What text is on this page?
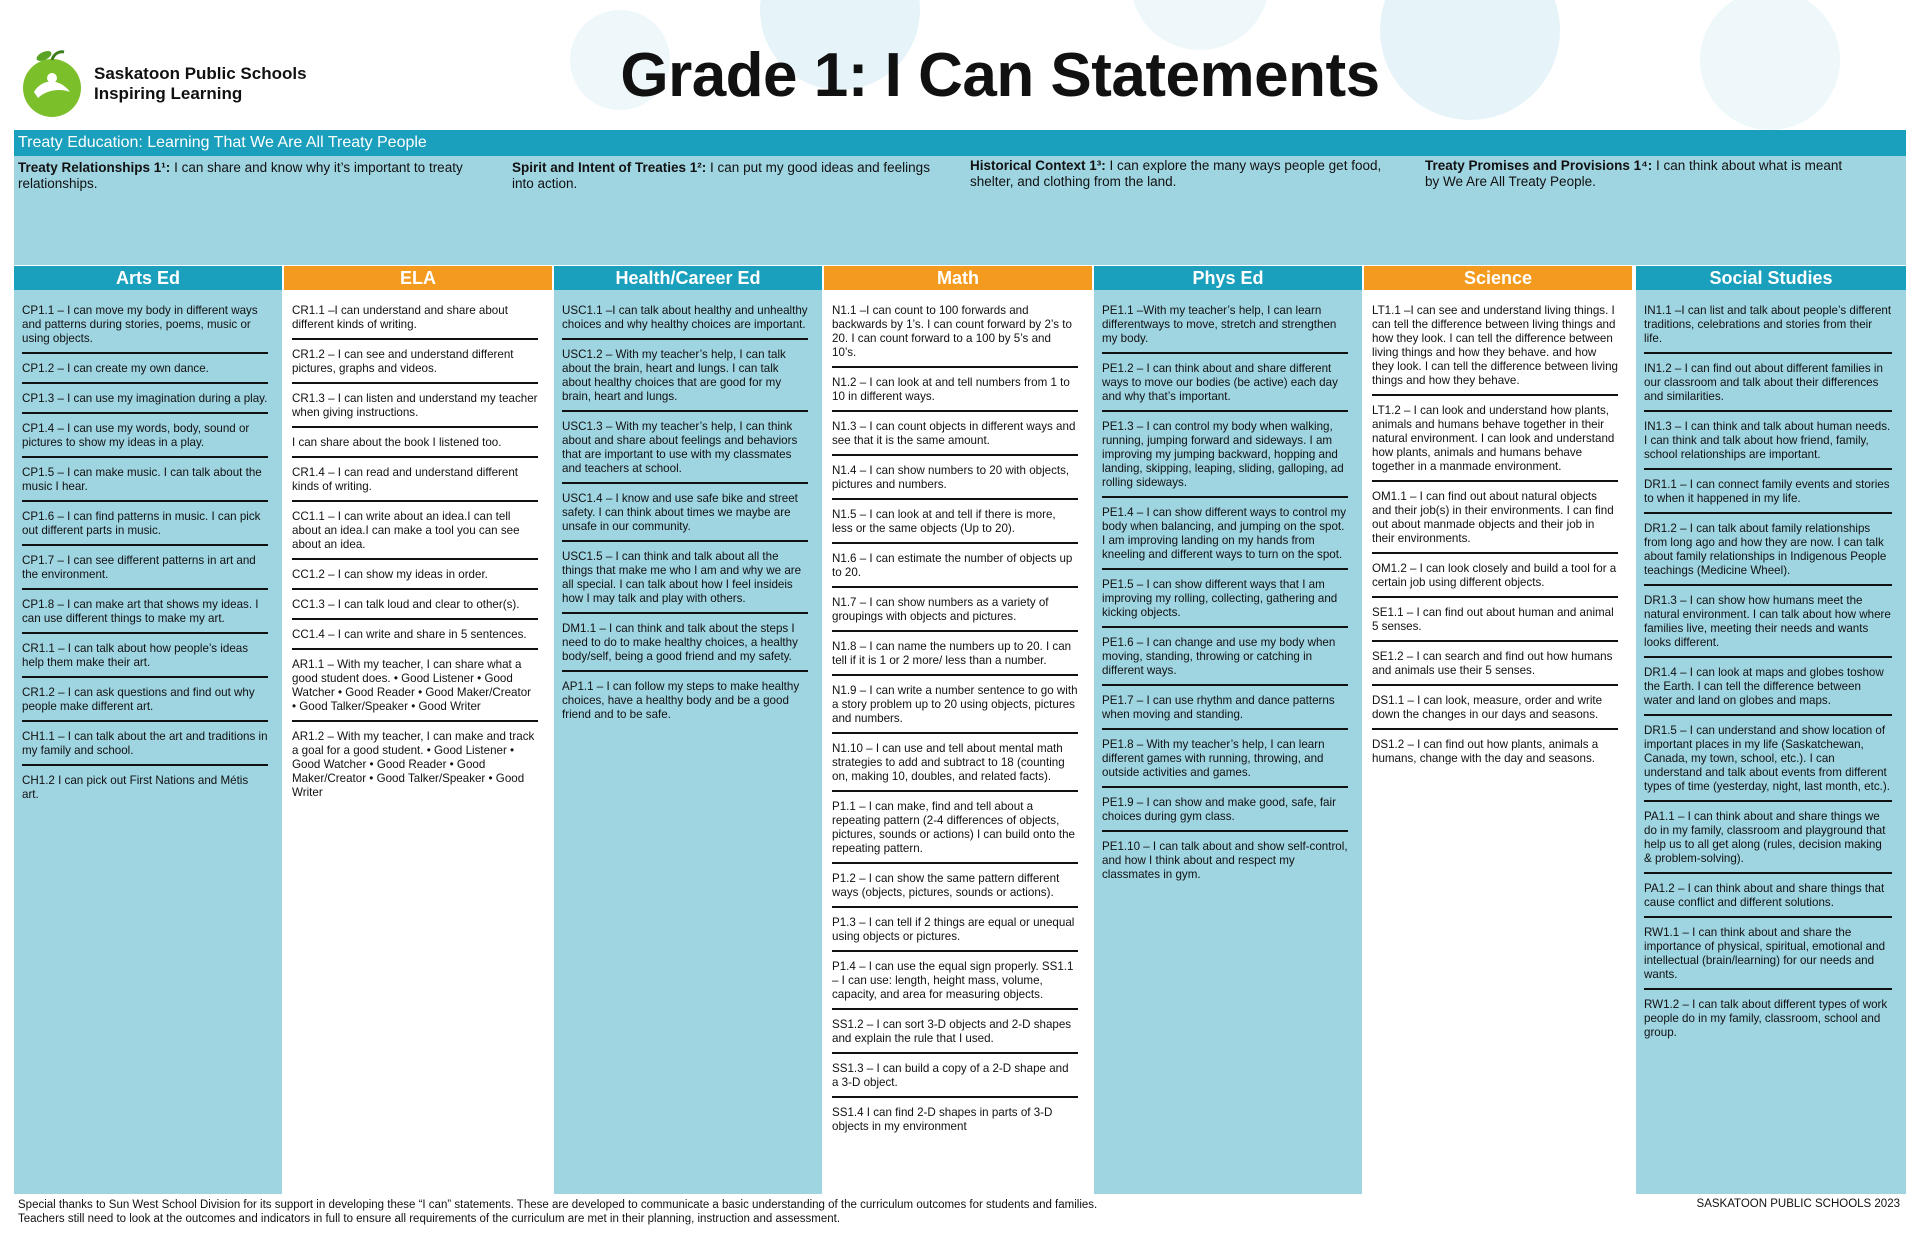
Saskatoon Public Schools
Inspiring Learning	Grade 1: I Can Statements
Treaty Education: Learning That We Are All Treaty People
Treaty Relationships 1¹: I can share and know why it’s important to treaty relationships.
Spirit and Intent of Treaties 1²: I can put my good ideas and feelings into action.
Historical Context 1³: I can explore the many ways people get food, shelter, and clothing from the land.
Treaty Promises and Provisions 1⁴: I can think about what is meant by We Are All Treaty People.
Arts Ed
CP1.1 – I can move my body in different ways and patterns during stories, poems, music or using objects.
CP1.2 – I can create my own dance.
CP1.3 – I can use my imagination during a play.
CP1.4 – I can use my words, body, sound or pictures to show my ideas in a play.
CP1.5 – I can make music. I can talk about the music I hear.
CP1.6 – I can find patterns in music. I can pick out different parts in music.
CP1.7 – I can see different patterns in art and the environment.
CP1.8 – I can make art that shows my ideas. I can use different things to make my art.
CR1.1 – I can talk about how people’s ideas help them make their art.
CR1.2 – I can ask questions and find out why people make different art.
CH1.1 – I can talk about the art and traditions in my family and school.
CH1.2 I can pick out First Nations and Métis art.
ELA
CR1.1 –I can understand and share about different kinds of writing.
CR1.2 – I can see and understand different pictures, graphs and videos.
CR1.3 – I can listen and understand my teacher when giving instructions.
I can share about the book I listened too.
CR1.4 – I can read and understand different kinds of writing.
CC1.1 – I can write about an idea.I can tell about an idea.I can make a tool you can see about an idea.
CC1.2 – I can show my ideas in order.
CC1.3 – I can talk loud and clear to other(s).
CC1.4 – I can write and share in 5 sentences.
AR1.1 – With my teacher, I can share what a good student does. • Good Listener • Good Watcher • Good Reader • Good Maker/Creator • Good Talker/Speaker • Good Writer
AR1.2 – With my teacher, I can make and track a goal for a good student. • Good Listener • Good Watcher • Good Reader • Good Maker/Creator • Good Talker/Speaker • Good Writer
Health/Career Ed
USC1.1 –I can talk about healthy and unhealthy choices and why healthy choices are important.
USC1.2 – With my teacher’s help, I can talk about the brain, heart and lungs. I can talk about healthy choices that are good for my brain, heart and lungs.
USC1.3 – With my teacher’s help, I can think about and share about feelings and behaviors that are important to use with my classmates and teachers at school.
USC1.4 – I know and use safe bike and street safety. I can think about times we maybe are unsafe in our community.
USC1.5 – I can think and talk about all the things that make me who I am and why we are all special. I can talk about how I feel insideis how I may talk and play with others.
DM1.1 – I can think and talk about the steps I need to do to make healthy choices, a healthy body/self, being a good friend and my safety.
AP1.1 – I can follow my steps to make healthy choices, have a healthy body and be a good friend and to be safe.
Math
N1.1 –I can count to 100 forwards and backwards by 1’s. I can count forward by 2’s to 20. I can count forward to a 100 by 5’s and 10’s.
N1.2 – I can look at and tell numbers from 1 to 10 in different ways.
N1.3 – I can count objects in different ways and see that it is the same amount.
N1.4 – I can show numbers to 20 with objects, pictures and numbers.
N1.5 – I can look at and tell if there is more, less or the same objects (Up to 20).
N1.6 – I can estimate the number of objects up to 20.
N1.7 – I can show numbers as a variety of groupings with objects and pictures.
N1.8 – I can name the numbers up to 20. I can tell if it is 1 or 2 more/ less than a number.
N1.9 – I can write a number sentence to go with a story problem up to 20 using objects, pictures and numbers.
N1.10 – I can use and tell about mental math strategies to add and subtract to 18 (counting on, making 10, doubles, and related facts).
P1.1 – I can make, find and tell about a repeating pattern (2-4 differences of objects, pictures, sounds or actions) I can build onto the repeating pattern.
P1.2 – I can show the same pattern different ways (objects, pictures, sounds or actions).
P1.3 – I can tell if 2 things are equal or unequal using objects or pictures.
P1.4 – I can use the equal sign properly. SS1.1 – I can use: length, height mass, volume, capacity, and area for measuring objects.
SS1.2 – I can sort 3-D objects and 2-D shapes and explain the rule that I used.
SS1.3 – I can build a copy of a 2-D shape and a 3-D object.
SS1.4 I can find 2-D shapes in parts of 3-D objects in my environment
Phys Ed
PE1.1 –With my teacher’s help, I can learn differentways to move, stretch and strengthen my body.
PE1.2 – I can think about and share different ways to move our bodies (be active) each day and why that’s important.
PE1.3 – I can control my body when walking, running, jumping forward and sideways. I am improving my jumping backward, hopping and landing, skipping, leaping, sliding, galloping, ad rolling sideways.
PE1.4 – I can show different ways to control my body when balancing, and jumping on the spot. I am improving landing on my hands from kneeling and different ways to turn on the spot.
PE1.5 – I can show different ways that I am improving my rolling, collecting, gathering and kicking objects.
PE1.6 – I can change and use my body when moving, standing, throwing or catching in different ways.
PE1.7 – I can use rhythm and dance patterns when moving and standing.
PE1.8 – With my teacher’s help, I can learn different games with running, throwing, and outside activities and games.
PE1.9 – I can show and make good, safe, fair choices during gym class.
PE1.10 – I can talk about and show self-control, and how I think about and respect my classmates in gym.
Science
LT1.1 –I can see and understand living things. I can tell the difference between living things and how they look. I can tell the difference between living things and how they behave. and how they look. I can tell the difference between living things and how they behave.
LT1.2 – I can look and understand how plants, animals and humans behave together in their natural environment. I can look and understand how plants, animals and humans behave together in a manmade environment.
OM1.1 – I can find out about natural objects and their job(s) in their environments. I can find out about manmade objects and their job in their environments.
OM1.2 – I can look closely and build a tool for a certain job using different objects.
SE1.1 – I can find out about human and animal 5 senses.
SE1.2 – I can search and find out how humans and animals use their 5 senses.
DS1.1 – I can look, measure, order and write down the changes in our days and seasons.
DS1.2 – I can find out how plants, animals a humans, change with the day and seasons.
Social Studies
IN1.1 –I can list and talk about people’s different traditions, celebrations and stories from their life.
IN1.2 – I can find out about different families in our classroom and talk about their differences and similarities.
IN1.3 – I can think and talk about human needs. I can think and talk about how friend, family, school relationships are important.
DR1.1 – I can connect family events and stories to when it happened in my life.
DR1.2 – I can talk about family relationships from long ago and how they are now. I can talk about family relationships in Indigenous People teachings (Medicine Wheel).
DR1.3 – I can show how humans meet the natural environment. I can talk about how where families live, meeting their needs and wants looks different.
DR1.4 – I can look at maps and globes toshow the Earth. I can tell the difference between water and land on globes and maps.
DR1.5 – I can understand and show location of important places in my life (Saskatchewan, Canada, my town, school, etc.). I can understand and talk about events from different types of time (yesterday, night, last month, etc.).
PA1.1 – I can think about and share things we do in my family, classroom and playground that help us to all get along (rules, decision making & problem-solving).
PA1.2 – I can think about and share things that cause conflict and different solutions.
RW1.1 – I can think about and share the importance of physical, spiritual, emotional and intellectual (brain/learning) for our needs and wants.
RW1.2 – I can talk about different types of work people do in my family, classroom, school and group.
Special thanks to Sun West School Division for its support in developing these “I can” statements. These are developed to communicate a basic understanding of the curriculum outcomes for students and families. Teachers still need to look at the outcomes and indicators in full to ensure all requirements of the curriculum are met in their planning, instruction and assessment.
SASKATOON PUBLIC SCHOOLS 2023
